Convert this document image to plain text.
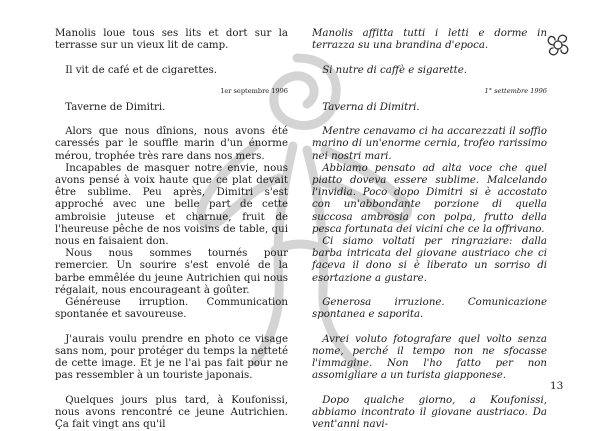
Manolis loue tous ses lits et dort sur la terrasse sur un vieux lit de camp.

Il vit de café et de cigarettes.

1er septembre 1996

Taverne de Dimitri.

Alors que nous dînions, nous avons été caressés par le souffle marin d'un énorme mérou, trophée très rare dans nos mers.

Incapables de masquer notre envie, nous avons pensé à voix haute que ce plat devait être sublime. Peu après, Dimitri s'est approché avec une belle part de cette ambroisie juteuse et charnue, fruit de l'heureuse pêche de nos voisins de table, qui nous en faisaient don.

Nous nous sommes tournés pour remercier. Un sourire s'est envolé de la barbe emmêlée du jeune Autrichien qui nous régalait, nous encourageant à goûter.

Généreuse irruption. Communication spontanée et savoureuse.

J'aurais voulu prendre en photo ce visage sans nom, pour protéger du temps la netteté de cette image. Et je ne l'ai pas fait pour ne pas ressembler à un touriste japonais.

Quelques jours plus tard, à Koufonissi, nous avons rencontré ce jeune Autrichien. Ça fait vingt ans qu'il

Manolis affitta tutti i letti e dorme in terrazza su una brandina d'epoca.

Si nutre di caffè e sigarette.

1° settembre 1996

Taverna di Dimitri.

Mentre cenavamo ci ha accarezzati il soffio marino di un'enorme cernia, trofeo rarissimo nei nostri mari.

Abbiamo pensato ad alta voce che quel piatto doveva essere sublime. Malcelando l'invidia. Poco dopo Dimitri si è accostato con un'abbondante porzione di quella succosa ambrosia con polpa, frutto della pesca fortunata dei vicini che ce la offrivano.

Ci siamo voltati per ringraziare: dalla barba intricata del giovane austriaco che ci faceva il dono si è liberato un sorriso di esortazione a gustare.

Generosa irruzione. Comunicazione spontanea e saporita.

Avrei voluto fotografare quel volto senza nome, perché il tempo non ne sfocasse l'immagine. Non l'ho fatto per non assomigliare a un turista giapponese.

Dopo qualche giorno, a Koufonissi, abbiamo incontrato il giovane austriaco. Da vent'anni navi-

13
